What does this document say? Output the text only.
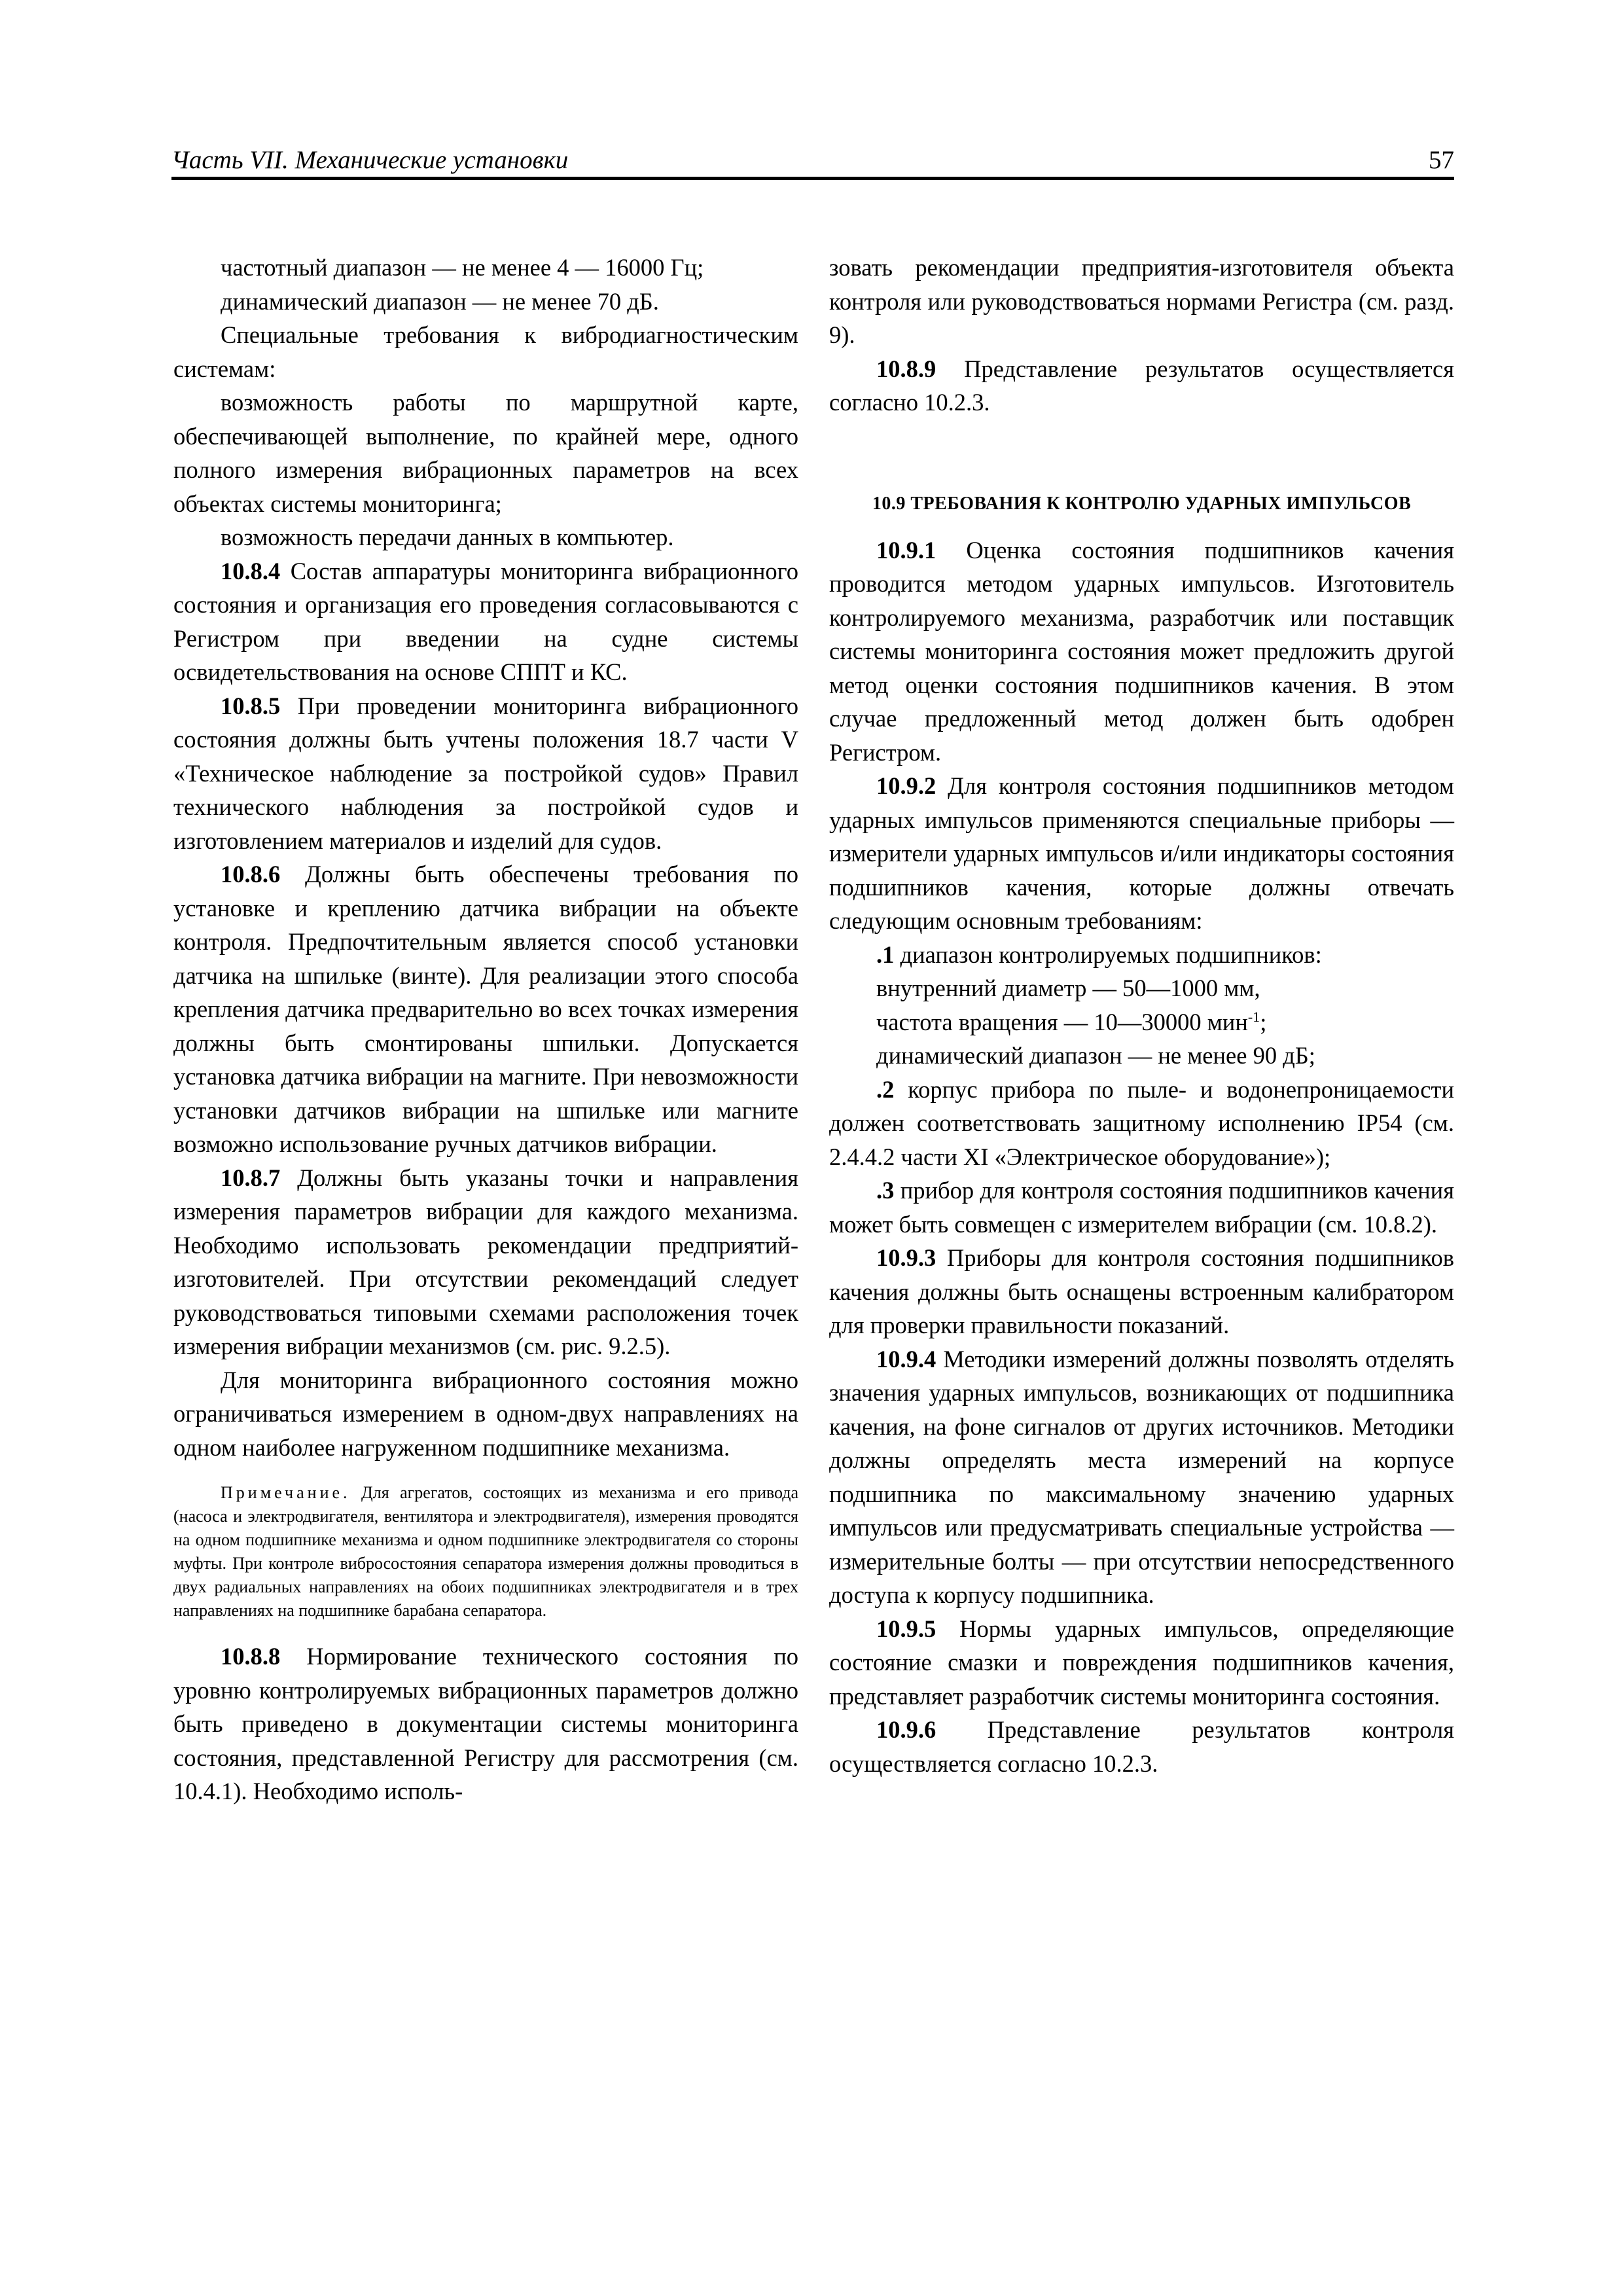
Часть VII. Механические установки	57

частотный диапазон — не менее 4 — 16000 Гц;

динамический диапазон — не менее 70 дБ.

Специальные требования к вибродиагностическим системам:

возможность работы по маршрутной карте, обеспечивающей выполнение, по крайней мере, одного полного измерения вибрационных параметров на всех объектах системы мониторинга;

возможность передачи данных в компьютер.

10.8.4 Состав аппаратуры мониторинга вибрационного состояния и организация его проведения согласовываются с Регистром при введении на судне системы освидетельствования на основе СППТ и КС.

10.8.5 При проведении мониторинга вибрационного состояния должны быть учтены положения 18.7 части V «Техническое наблюдение за постройкой судов» Правил технического наблюдения за постройкой судов и изготовлением материалов и изделий для судов.

10.8.6 Должны быть обеспечены требования по установке и креплению датчика вибрации на объекте контроля. Предпочтительным является способ установки датчика на шпильке (винте). Для реализации этого способа крепления датчика предварительно во всех точках измерения должны быть смонтированы шпильки. Допускается установка датчика вибрации на магните. При невозможности установки датчиков вибрации на шпильке или магните возможно использование ручных датчиков вибрации.

10.8.7 Должны быть указаны точки и направления измерения параметров вибрации для каждого механизма. Необходимо использовать рекомендации предприятий-изготовителей. При отсутствии рекомендаций следует руководствоваться типовыми схемами расположения точек измерения вибрации механизмов (см. рис. 9.2.5).

Для мониторинга вибрационного состояния можно ограничиваться измерением в одном-двух направлениях на одном наиболее нагруженном подшипнике механизма.

Примечание. Для агрегатов, состоящих из механизма и его привода (насоса и электродвигателя, вентилятора и электродвигателя), измерения проводятся на одном подшипнике механизма и одном подшипнике электродвигателя со стороны муфты. При контроле вибросостояния сепаратора измерения должны проводиться в двух радиальных направлениях на обоих подшипниках электродвигателя и в трех направлениях на подшипнике барабана сепаратора.

10.8.8 Нормирование технического состояния по уровню контролируемых вибрационных параметров должно быть приведено в документации системы мониторинга состояния, представленной Регистру для рассмотрения (см. 10.4.1). Необходимо исполь-

зовать рекомендации предприятия-изготовителя объекта контроля или руководствоваться нормами Регистра (см. разд. 9).

10.8.9 Представление результатов осуществляется согласно 10.2.3.

10.9 ТРЕБОВАНИЯ К КОНТРОЛЮ УДАРНЫХ ИМПУЛЬСОВ

10.9.1 Оценка состояния подшипников качения проводится методом ударных импульсов. Изготовитель контролируемого механизма, разработчик или поставщик системы мониторинга состояния может предложить другой метод оценки состояния подшипников качения. В этом случае предложенный метод должен быть одобрен Регистром.

10.9.2 Для контроля состояния подшипников методом ударных импульсов применяются специальные приборы — измерители ударных импульсов и/или индикаторы состояния подшипников качения, которые должны отвечать следующим основным требованиям:

.1 диапазон контролируемых подшипников:

внутренний диаметр — 50—1000 мм,

частота вращения — 10—30000 мин$^{-1}$;

динамический диапазон — не менее 90 дБ;

.2 корпус прибора по пыле- и водонепроницаемости должен соответствовать защитному исполнению IP54 (см. 2.4.4.2 части XI «Электрическое оборудование»);

.3 прибор для контроля состояния подшипников качения может быть совмещен с измерителем вибрации (см. 10.8.2).

10.9.3 Приборы для контроля состояния подшипников качения должны быть оснащены встроенным калибратором для проверки правильности показаний.

10.9.4 Методики измерений должны позволять отделять значения ударных импульсов, возникающих от подшипника качения, на фоне сигналов от других источников. Методики должны определять места измерений на корпусе подшипника по максимальному значению ударных импульсов или предусматривать специальные устройства — измерительные болты — при отсутствии непосредственного доступа к корпусу подшипника.

10.9.5 Нормы ударных импульсов, определяющие состояние смазки и повреждения подшипников качения, представляет разработчик системы мониторинга состояния.

10.9.6 Представление результатов контроля осуществляется согласно 10.2.3.
